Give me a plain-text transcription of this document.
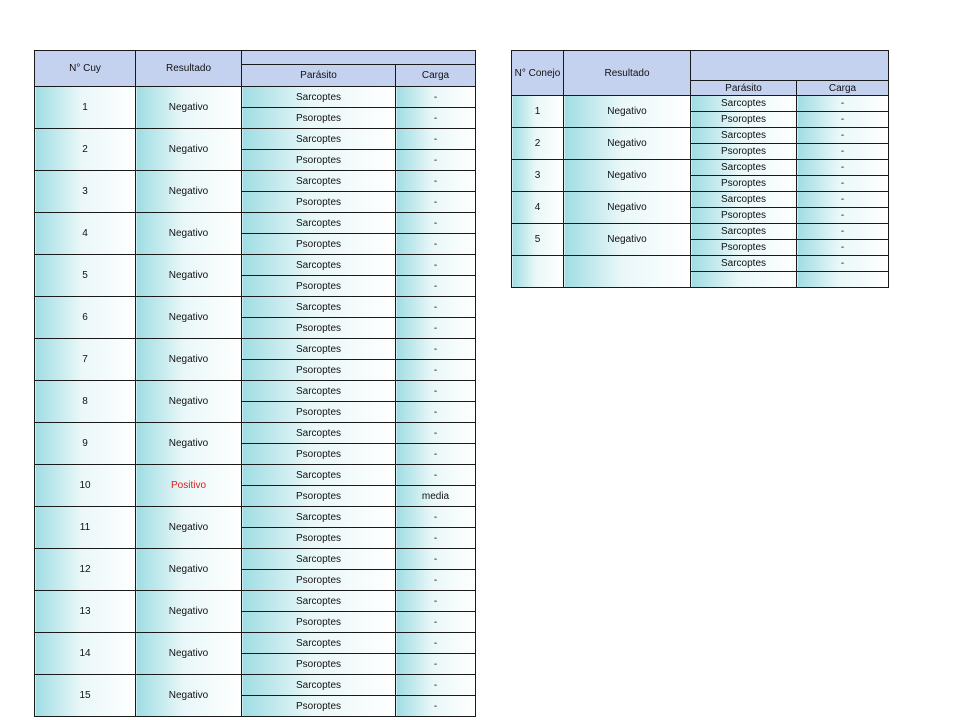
N° Cuy	Resultado		
		Parásito	Carga
1	Negativo	Sarcoptes	-
		Psoroptes	-
2	Negativo	Sarcoptes	-
		Psoroptes	-
3	Negativo	Sarcoptes	-
		Psoroptes	-
4	Negativo	Sarcoptes	-
		Psoroptes	-
5	Negativo	Sarcoptes	-
		Psoroptes	-
6	Negativo	Sarcoptes	-
		Psoroptes	-
7	Negativo	Sarcoptes	-
		Psoroptes	-
8	Negativo	Sarcoptes	-
		Psoroptes	-
9	Negativo	Sarcoptes	-
		Psoroptes	-
10	Positivo	Sarcoptes	-
		Psoroptes	media
11	Negativo	Sarcoptes	-
		Psoroptes	-
12	Negativo	Sarcoptes	-
		Psoroptes	-
13	Negativo	Sarcoptes	-
		Psoroptes	-
14	Negativo	Sarcoptes	-
		Psoroptes	-
15	Negativo	Sarcoptes	-
		Psoroptes	-
N° Conejo	Resultado		
		Parásito	Carga
1	Negativo	Sarcoptes	-
		Psoroptes	-
2	Negativo	Sarcoptes	-
		Psoroptes	-
3	Negativo	Sarcoptes	-
		Psoroptes	-
4	Negativo	Sarcoptes	-
		Psoroptes	-
5	Negativo	Sarcoptes	-
		Psoroptes	-
		Sarcoptes	-
